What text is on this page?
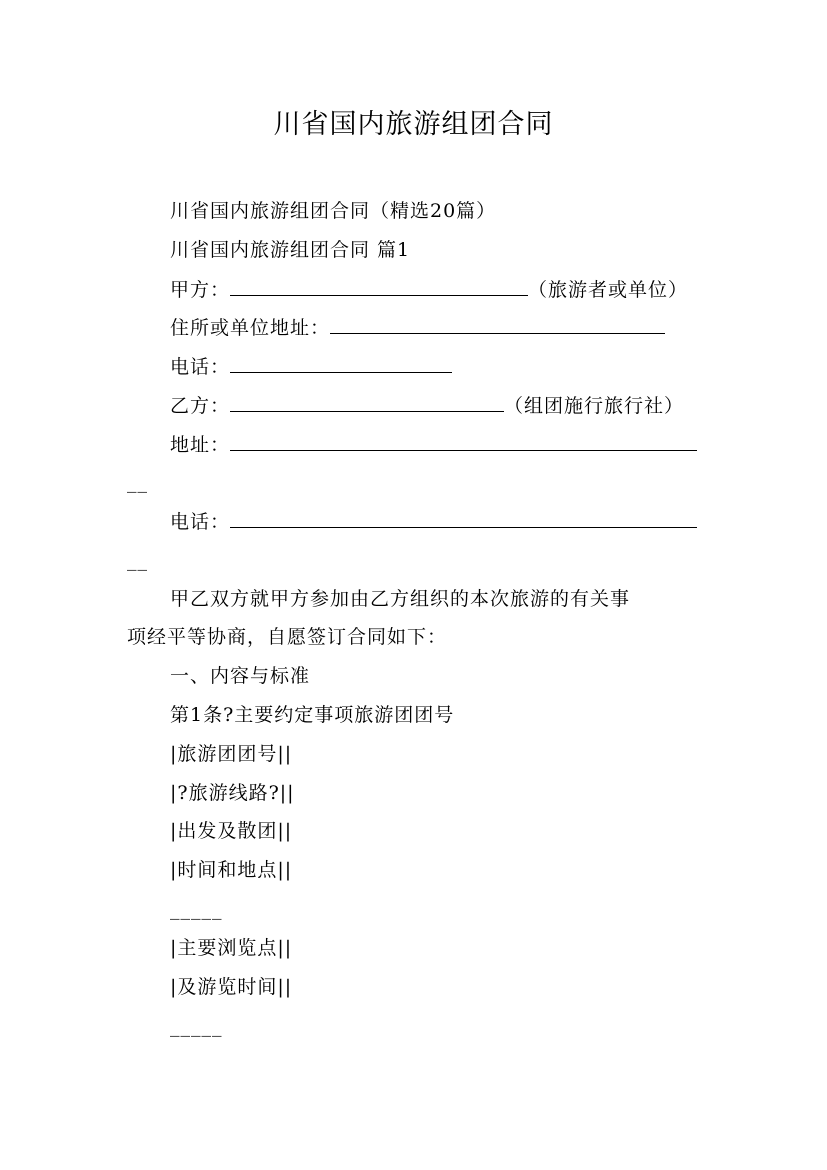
川省国内旅游组团合同
川省国内旅游组团合同（精选20篇）
川省国内旅游组团合同 篇1
甲方：	（旅游者或单位）
住所或单位地址：
电话：
乙方：	（组团施行旅行社）
地址：
__
电话：
__
甲乙双方就甲方参加由乙方组织的本次旅游的有关事
项经平等协商，自愿签订合同如下：
一、内容与标准
第1条?主要约定事项旅游团团号
|旅游团团号||
|?旅游线路?||
|出发及散团||
|时间和地点||
_____
|主要浏览点||
|及游览时间||
_____
